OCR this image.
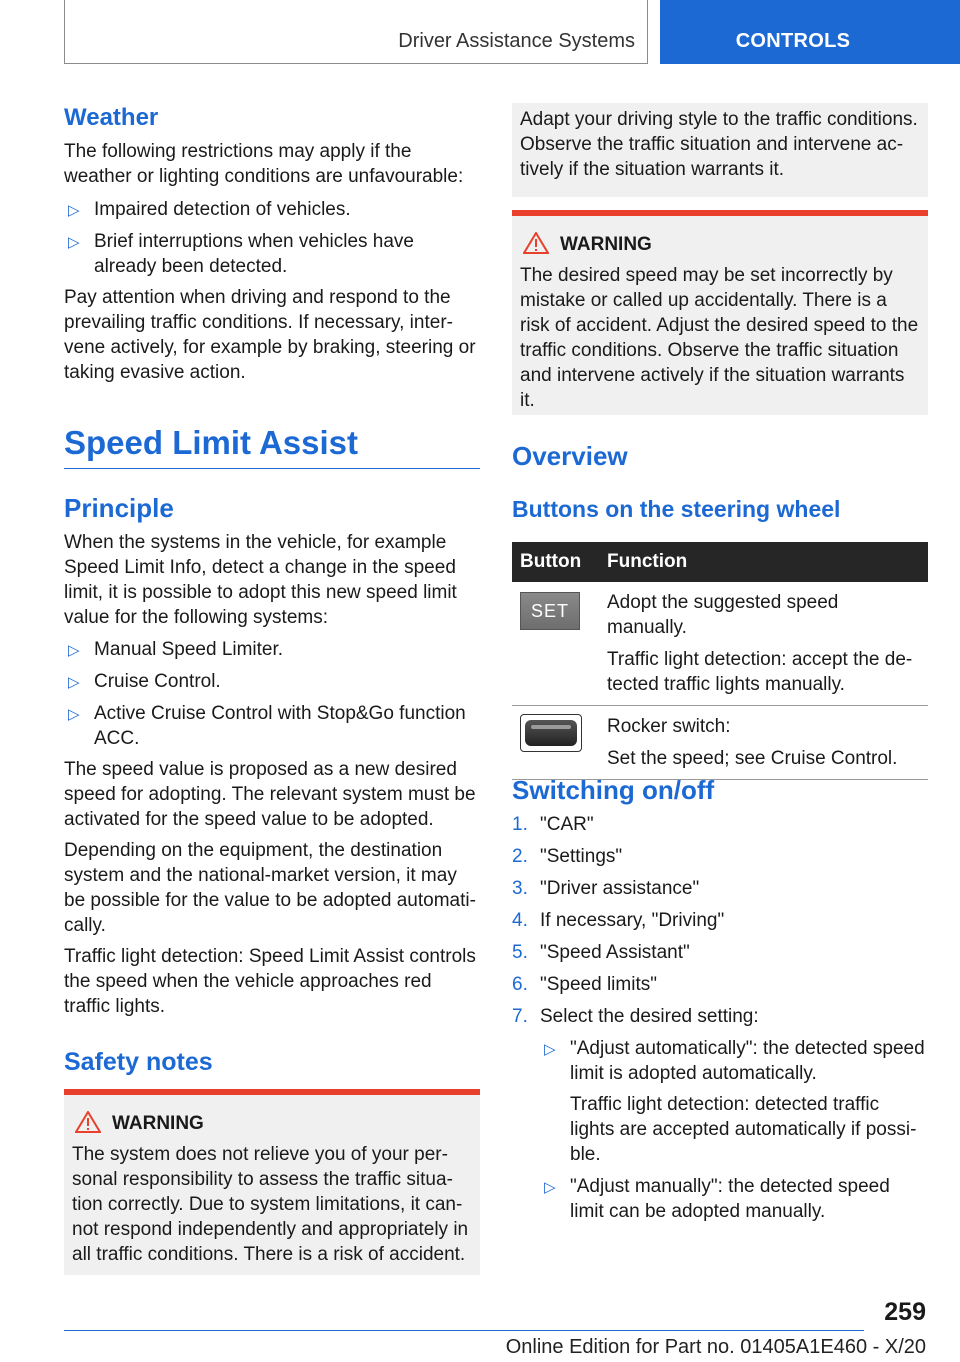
Driver Assistance Systems	CONTROLS
Weather

The following restrictions may apply if the weather or lighting conditions are unfavourable:

▷ Impaired detection of vehicles.
▷ Brief interruptions when vehicles have already been detected.

Pay attention when driving and respond to the prevailing traffic conditions. If necessary, intervene actively, for example by braking, steering or taking evasive action.

Speed Limit Assist
Principle

When the systems in the vehicle, for example Speed Limit Info, detect a change in the speed limit, it is possible to adopt this new speed limit value for the following systems:

▷ Manual Speed Limiter.
▷ Cruise Control.
▷ Active Cruise Control with Stop&Go function ACC.

The speed value is proposed as a new desired speed for adopting. The relevant system must be activated for the speed value to be adopted.

Depending on the equipment, the destination system and the national-market version, it may be possible for the value to be adopted automatically.

Traffic light detection: Speed Limit Assist controls the speed when the vehicle approaches red traffic lights.

Safety notes
WARNING

The system does not relieve you of your personal responsibility to assess the traffic situation correctly. Due to system limitations, it cannot respond independently and appropriately in all traffic conditions. There is a risk of accident.

Adapt your driving style to the traffic conditions. Observe the traffic situation and intervene actively if the situation warrants it.

WARNING

The desired speed may be set incorrectly by mistake or called up accidentally. There is a risk of accident. Adjust the desired speed to the traffic conditions. Observe the traffic situation and intervene actively if the situation warrants it.

Overview
Buttons on the steering wheel
Button	Function

SET	Adopt the suggested speed manually.

Traffic light detection: accept the detected traffic lights manually.

	Rocker switch:

Set the speed; see Cruise Control.

Switching on/off
1. "CAR"
2. "Settings"
3. "Driver assistance"
4. If necessary, "Driving"
5. "Speed Assistant"
6. "Speed limits"
7. Select the desired setting:
▷ "Adjust automatically": the detected speed limit is adopted automatically.

Traffic light detection: detected traffic lights are accepted automatically if possible.

▷ "Adjust manually": the detected speed limit can be adopted manually.
259
Online Edition for Part no. 01405A1E460 - X/20
